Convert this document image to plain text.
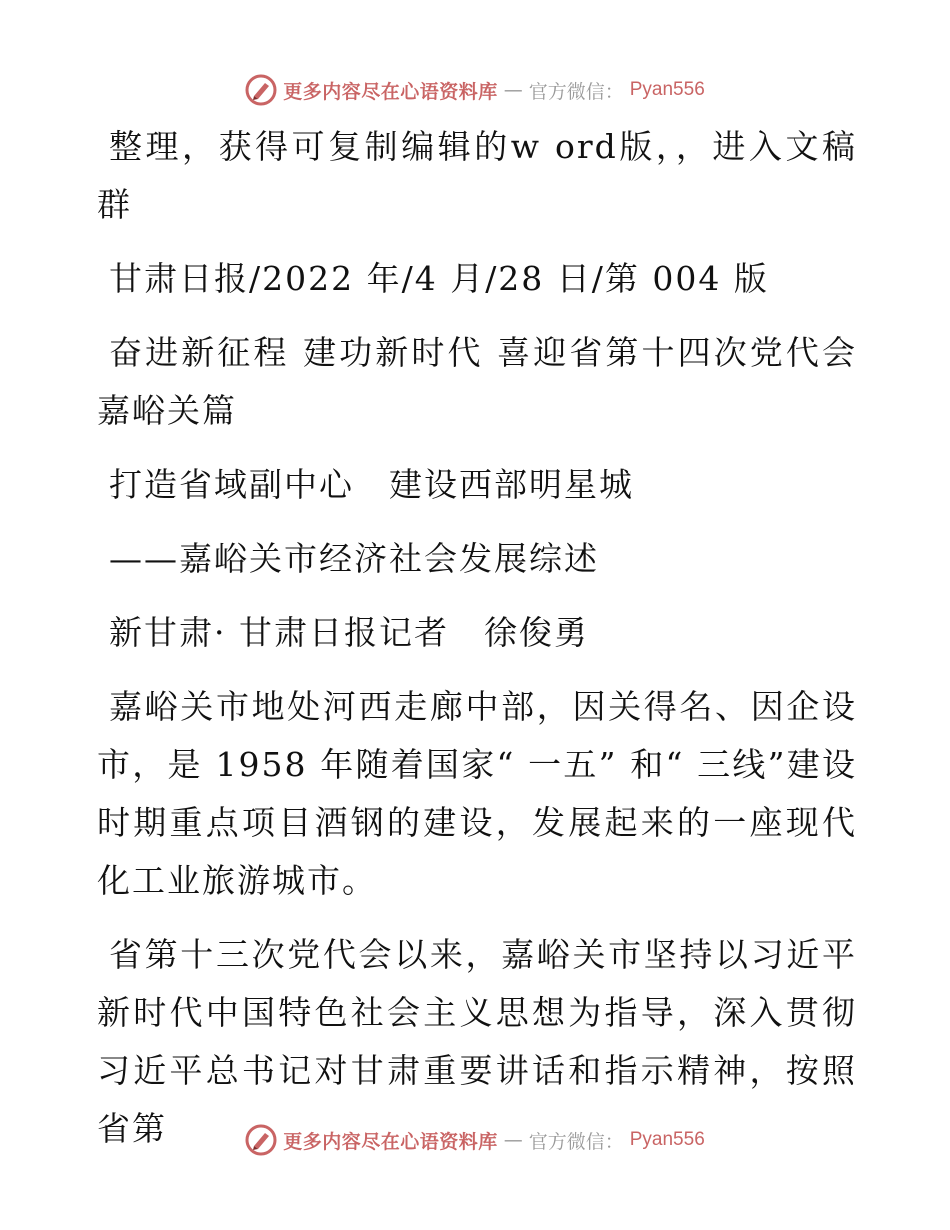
更多内容尽在心语资料库 — 官方微信： Pyan556

整理，获得可复制编辑的w ord版，，进入文稿群

甘肃日报/2022 年/4 月/28 日/第 004 版

奋进新征程 建功新时代 喜迎省第十四次党代会嘉峪关篇

打造省域副中心　建设西部明星城

——嘉峪关市经济社会发展综述

新甘肃· 甘肃日报记者　徐俊勇

嘉峪关市地处河西走廊中部，因关得名、因企设市，是 1958 年随着国家“ 一五” 和“ 三线”建设时期重点项目酒钢的建设，发展起来的一座现代化工业旅游城市。

省第十三次党代会以来，嘉峪关市坚持以习近平新时代中国特色社会主义思想为指导，深入贯彻习近平总书记对甘肃重要讲话和指示精神，按照省第	更多内容尽在心语资料库 — 官方微信： Pyan556
